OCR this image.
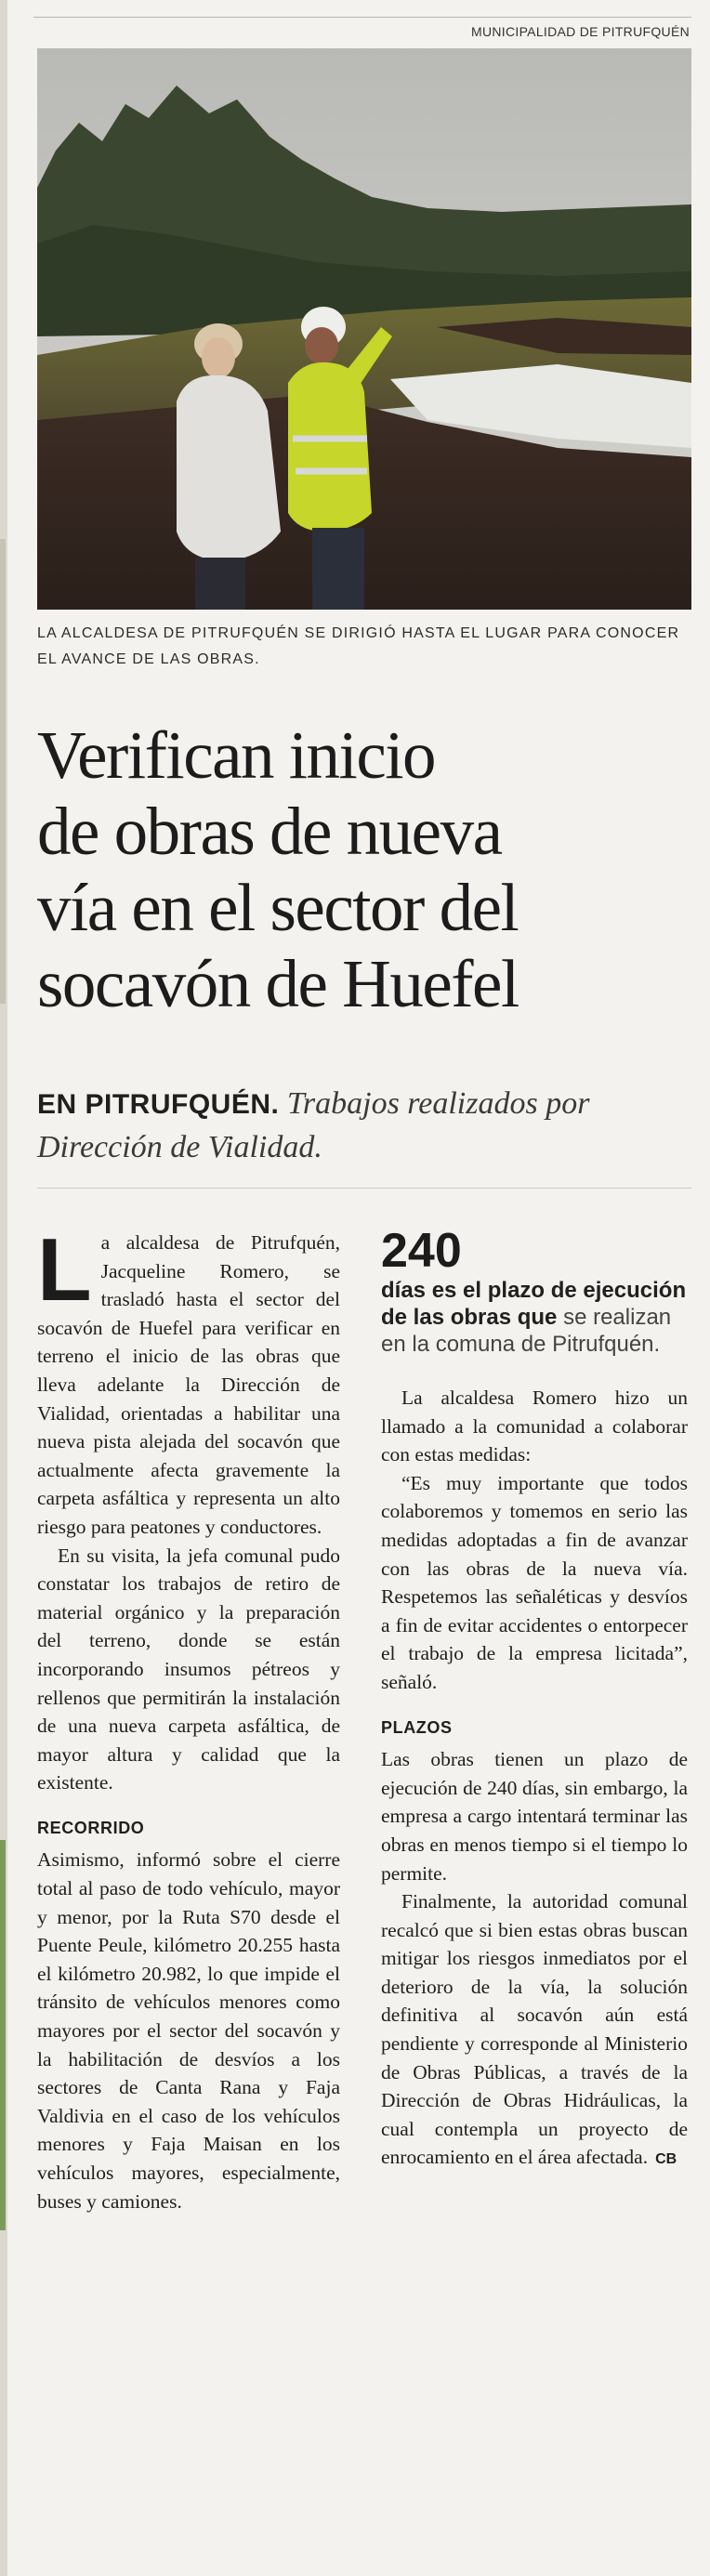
MUNICIPALIDAD DE PITRUFQUÉN
LA ALCALDESA DE PITRUFQUÉN SE DIRIGIÓ HASTA EL LUGAR PARA CONOCER EL AVANCE DE LAS OBRAS.
Verifican inicio
de obras de nueva
vía en el sector del
socavón de Huefel
EN PITRUFQUÉN. Trabajos realizados por Dirección de Vialidad.

La alcaldesa de Pitrufquén, Jacqueline Romero, se trasladó hasta el sector del socavón de Huefel para verificar en terreno el inicio de las obras que lleva adelante la Dirección de Vialidad, orientadas a habilitar una nueva pista alejada del socavón que actualmente afecta gravemente la carpeta asfáltica y representa un alto riesgo para peatones y conductores.

En su visita, la jefa comunal pudo constatar los trabajos de retiro de material orgánico y la preparación del terreno, donde se están incorporando insumos pétreos y rellenos que permitirán la instalación de una nueva carpeta asfáltica, de mayor altura y calidad que la existente.

RECORRIDO

Asimismo, informó sobre el cierre total al paso de todo vehículo, mayor y menor, por la Ruta S70 desde el Puente Peule, kilómetro 20.255 hasta el kilómetro 20.982, lo que impide el tránsito de vehículos menores como mayores por el sector del socavón y la habilitación de desvíos a los sectores de Canta Rana y Faja Valdivia en el caso de los vehículos menores y Faja Maisan en los vehículos mayores, especialmente, buses y camiones.

240
días es el plazo de ejecución de las obras que se realizan en la comuna de Pitrufquén.

La alcaldesa Romero hizo un llamado a la comunidad a colaborar con estas medidas:

“Es muy importante que todos colaboremos y tomemos en serio las medidas adoptadas a fin de avanzar con las obras de la nueva vía. Respetemos las señaléticas y desvíos a fin de evitar accidentes o entorpecer el trabajo de la empresa licitada”, señaló.

PLAZOS

Las obras tienen un plazo de ejecución de 240 días, sin embargo, la empresa a cargo intentará terminar las obras en menos tiempo si el tiempo lo permite.

Finalmente, la autoridad comunal recalcó que si bien estas obras buscan mitigar los riesgos inmediatos por el deterioro de la vía, la solución definitiva al socavón aún está pendiente y corresponde al Ministerio de Obras Públicas, a través de la Dirección de Obras Hidráulicas, la cual contempla un proyecto de enrocamiento en el área afectada. CB
